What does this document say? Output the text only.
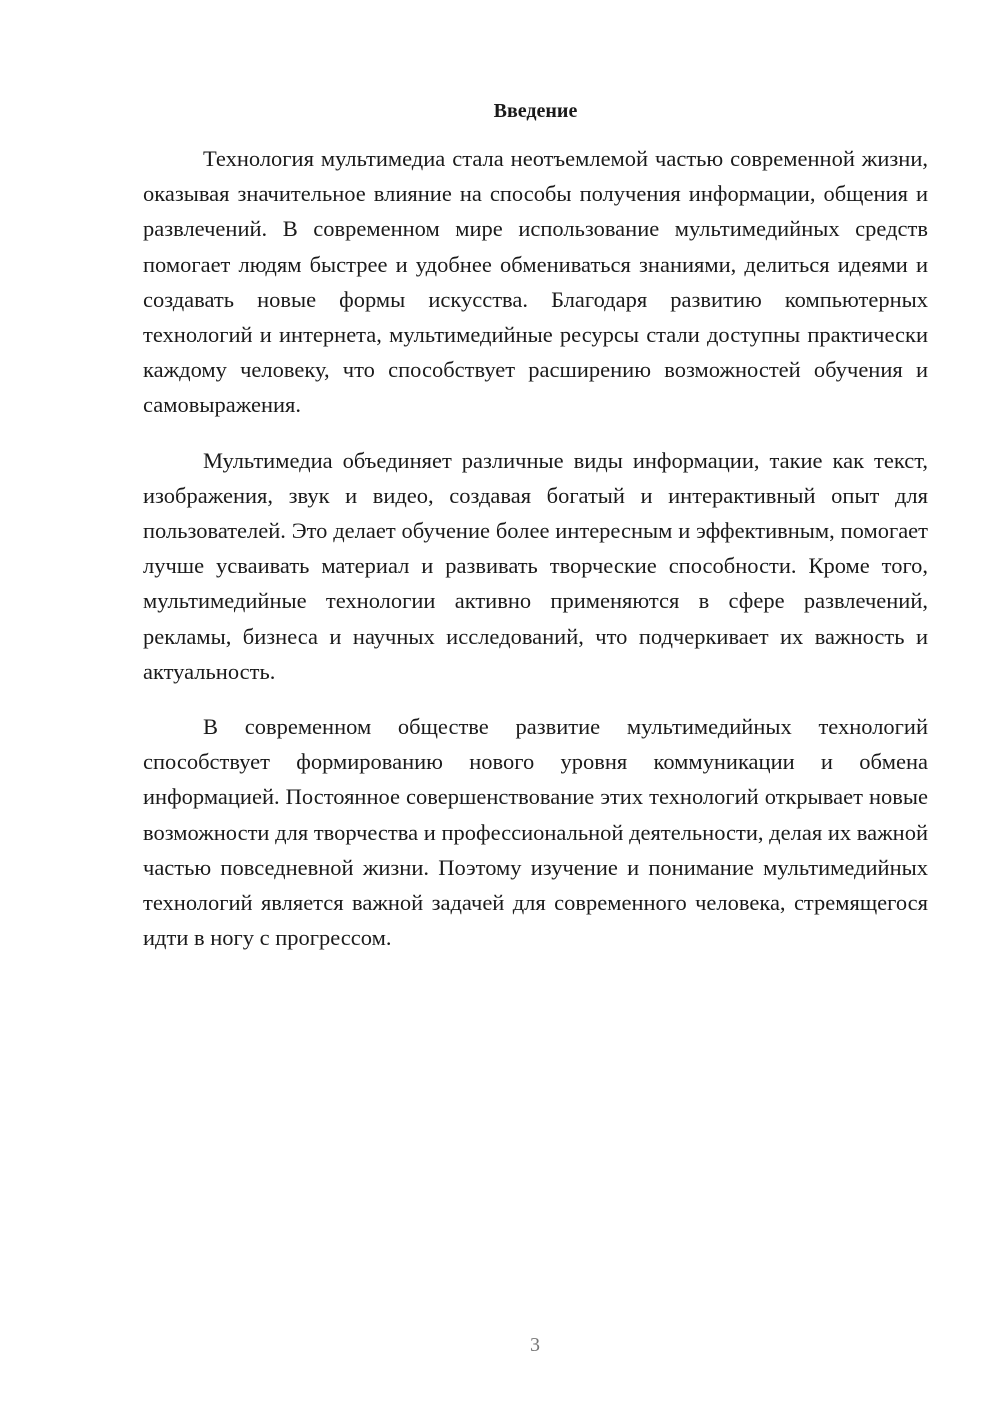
Введение

Технология мультимедиа стала неотъемлемой частью современной жизни, оказывая значительное влияние на способы получения информации, общения и развлечений. В современном мире использование мультимедийных средств помогает людям быстрее и удобнее обмениваться знаниями, делиться идеями и создавать новые формы искусства. Благодаря развитию компьютерных технологий и интернета, мультимедийные ресурсы стали доступны практически каждому человеку, что способствует расширению возможностей обучения и самовыражения.

Мультимедиа объединяет различные виды информации, такие как текст, изображения, звук и видео, создавая богатый и интерактивный опыт для пользователей. Это делает обучение более интересным и эффективным, помогает лучше усваивать материал и развивать творческие способности. Кроме того, мультимедийные технологии активно применяются в сфере развлечений, рекламы, бизнеса и научных исследований, что подчеркивает их важность и актуальность.

В современном обществе развитие мультимедийных технологий способствует формированию нового уровня коммуникации и обмена информацией. Постоянное совершенствование этих технологий открывает новые возможности для творчества и профессиональной деятельности, делая их важной частью повседневной жизни. Поэтому изучение и понимание мультимедийных технологий является важной задачей для современного человека, стремящегося идти в ногу с прогрессом.

3
